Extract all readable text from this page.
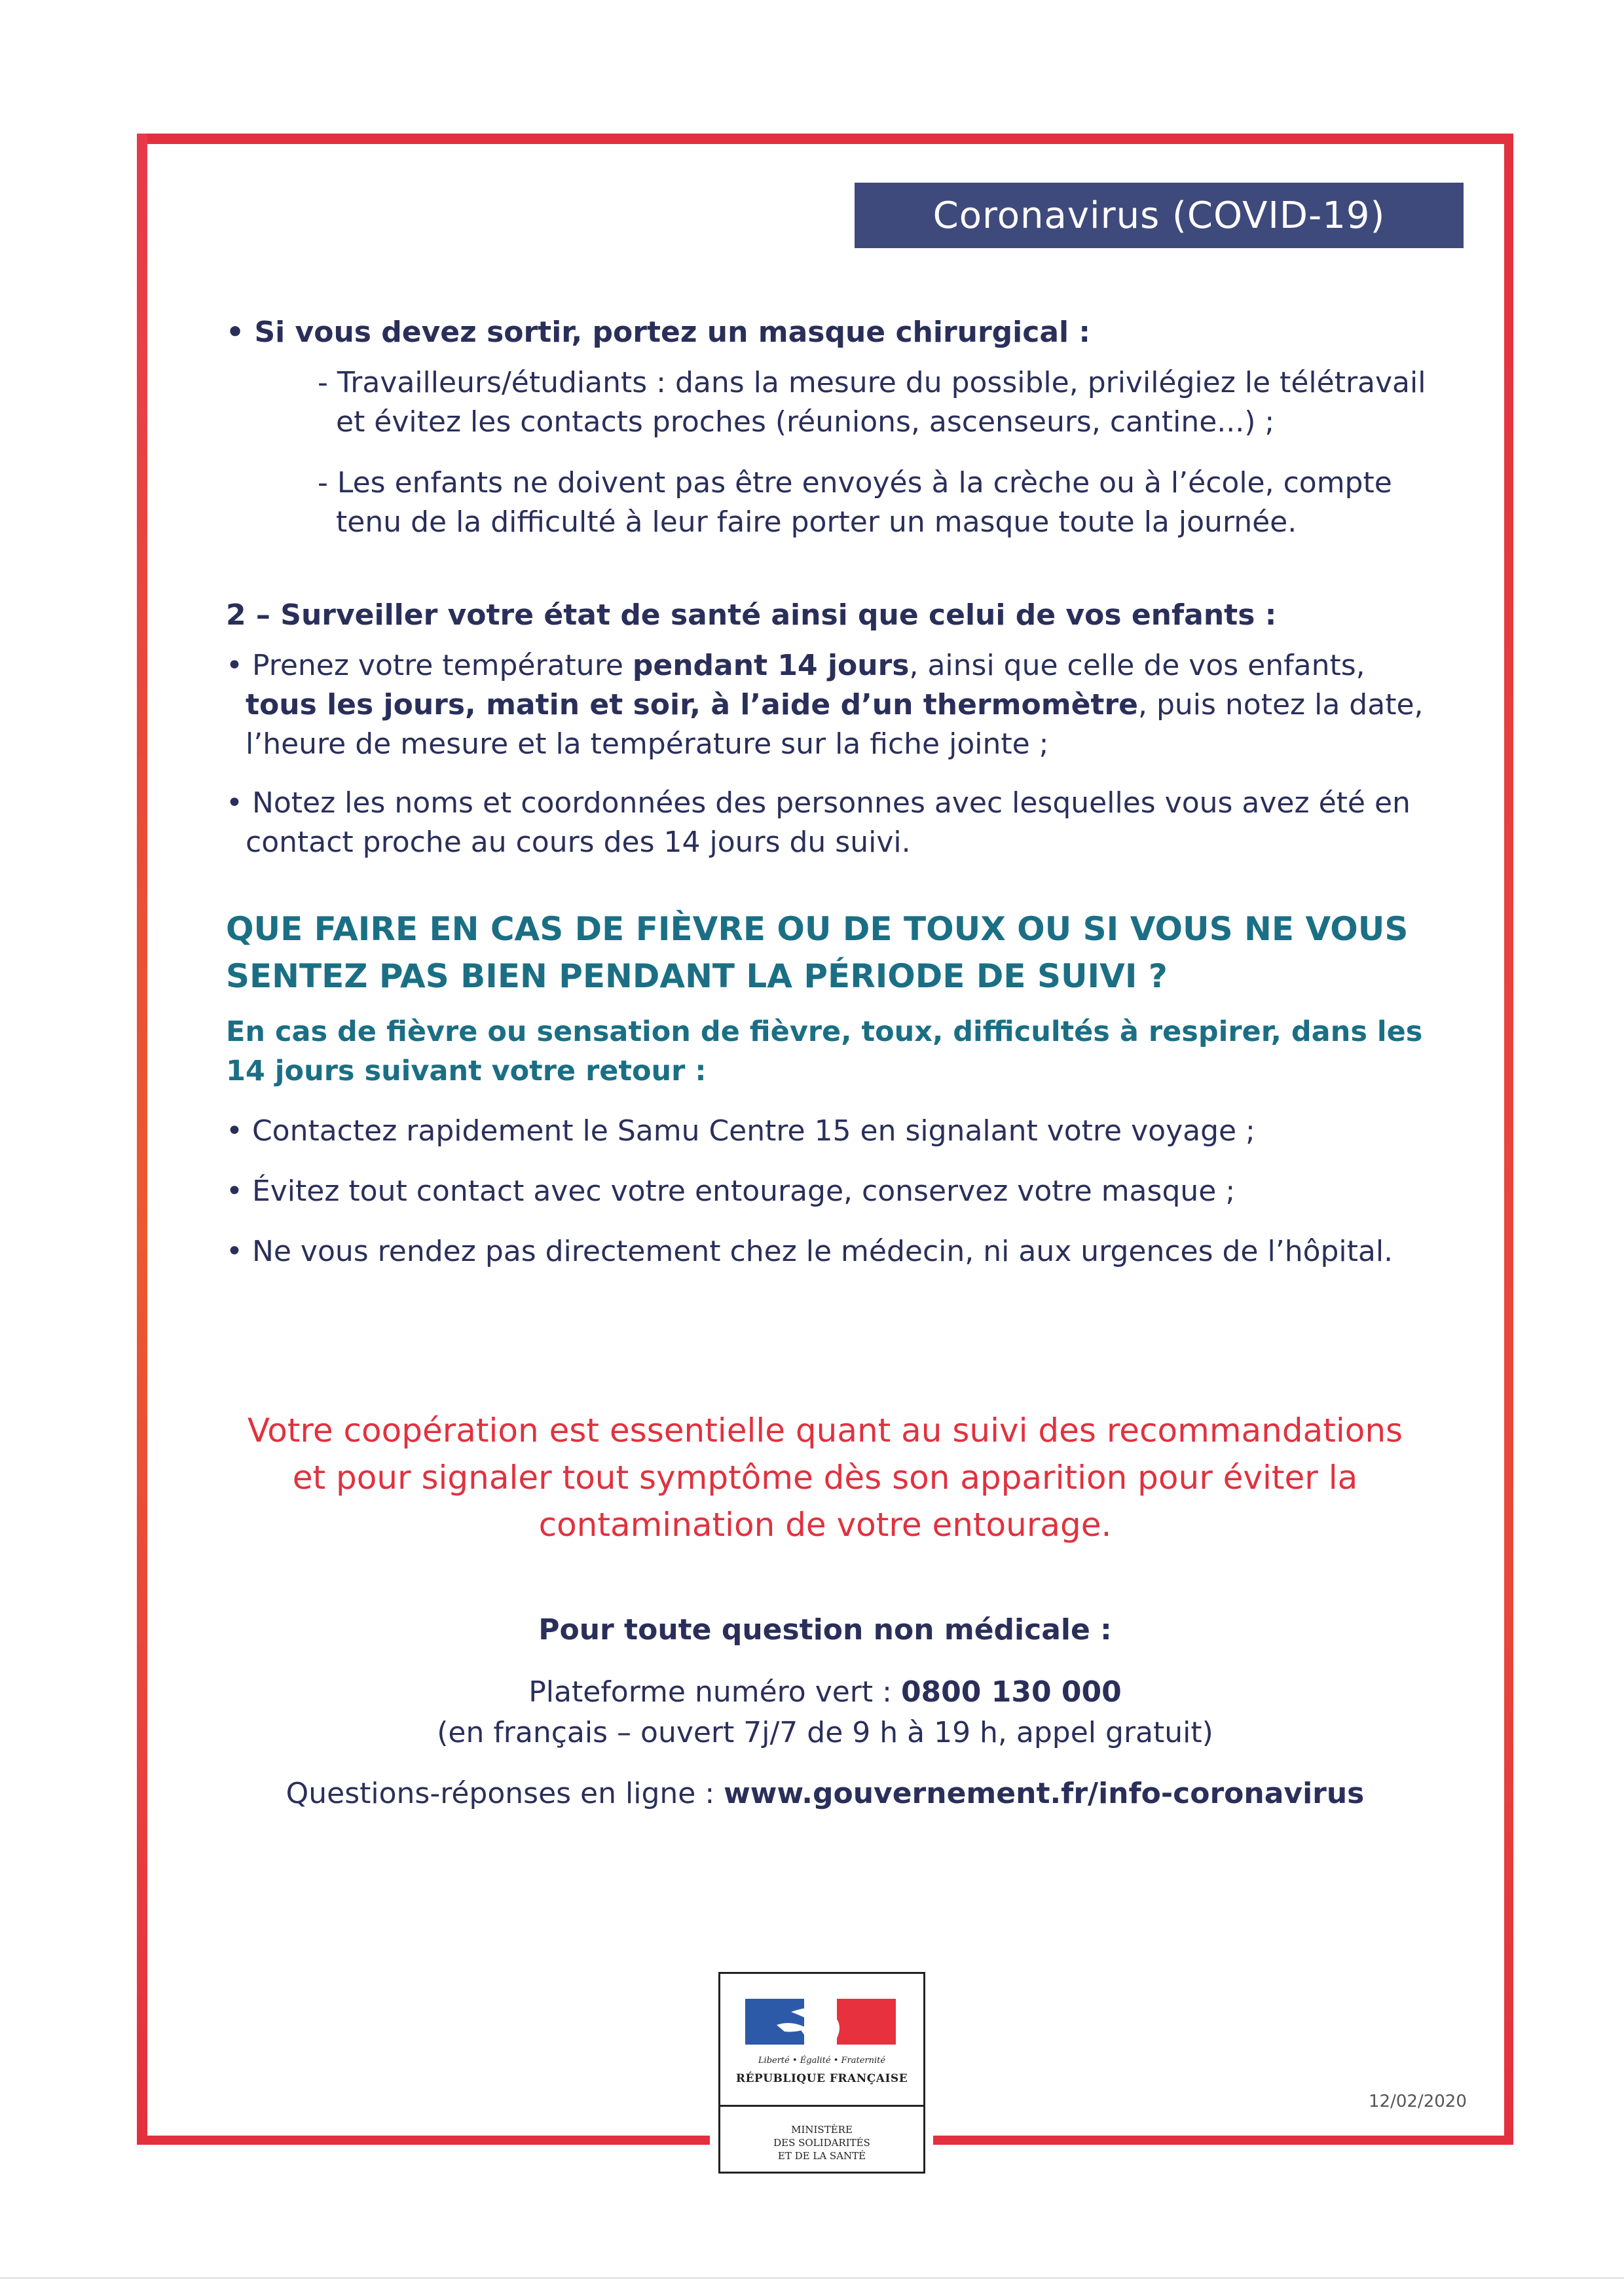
Coronavirus (COVID-19)
• Si vous devez sortir, portez un masque chirurgical :
- Travailleurs/étudiants : dans la mesure du possible, privilégiez le télétravail et évitez les contacts proches (réunions, ascenseurs, cantine...) ;
- Les enfants ne doivent pas être envoyés à la crèche ou à l’école, compte tenu de la difficulté à leur faire porter un masque toute la journée.
2 – Surveiller votre état de santé ainsi que celui de vos enfants :
• Prenez votre température pendant 14 jours, ainsi que celle de vos enfants, tous les jours, matin et soir, à l’aide d’un thermomètre, puis notez la date, l’heure de mesure et la température sur la fiche jointe ;
• Notez les noms et coordonnées des personnes avec lesquelles vous avez été en contact proche au cours des 14 jours du suivi.
QUE FAIRE EN CAS DE FIÈVRE OU DE TOUX OU SI VOUS NE VOUS
SENTEZ PAS BIEN PENDANT LA PÉRIODE DE SUIVI ?
En cas de fièvre ou sensation de fièvre, toux, difficultés à respirer, dans les 14 jours suivant votre retour :
• Contactez rapidement le Samu Centre 15 en signalant votre voyage ;
• Évitez tout contact avec votre entourage, conservez votre masque ;
• Ne vous rendez pas directement chez le médecin, ni aux urgences de l’hôpital.
Votre coopération est essentielle quant au suivi des recommandations
et pour signaler tout symptôme dès son apparition pour éviter la
contamination de votre entourage.
Pour toute question non médicale :
Plateforme numéro vert : 0800 130 000
(en français – ouvert 7j/7 de 9 h à 19 h, appel gratuit)
Questions-réponses en ligne : www.gouvernement.fr/info-coronavirus
Liberté • Égalité • Fraternité
RÉPUBLIQUE FRANÇAISE
MINISTÈRE
DES SOLIDARITÉS
ET DE LA SANTÉ
12/02/2020
